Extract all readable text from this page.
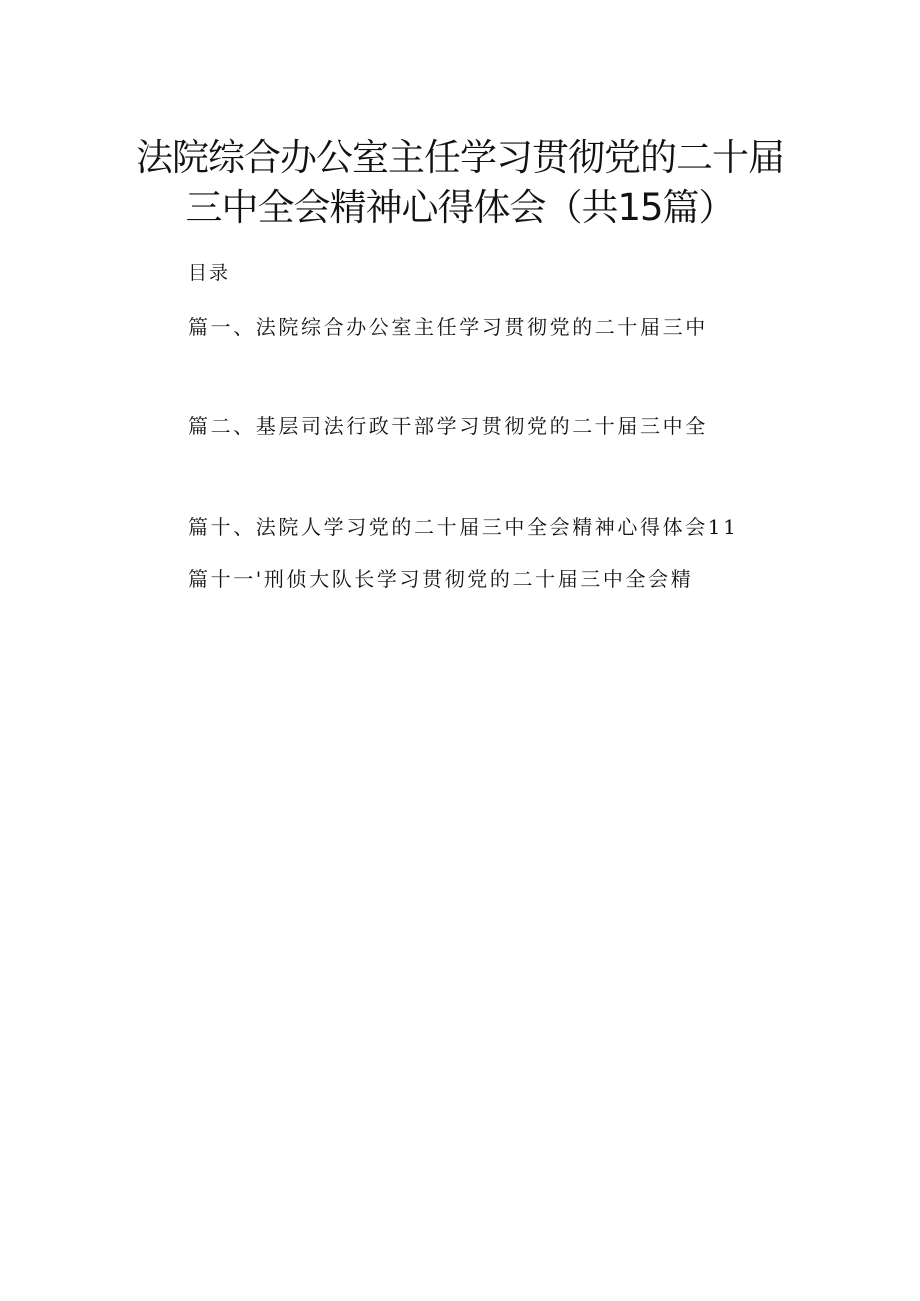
法院综合办公室主任学习贯彻党的二十届
三中全会精神心得体会（共15篇）
目录
篇一、法院综合办公室主任学习贯彻党的二十届三中
篇二、基层司法行政干部学习贯彻党的二十届三中全
篇十、法院人学习党的二十届三中全会精神心得体会11
篇十一'刑侦大队长学习贯彻党的二十届三中全会精
